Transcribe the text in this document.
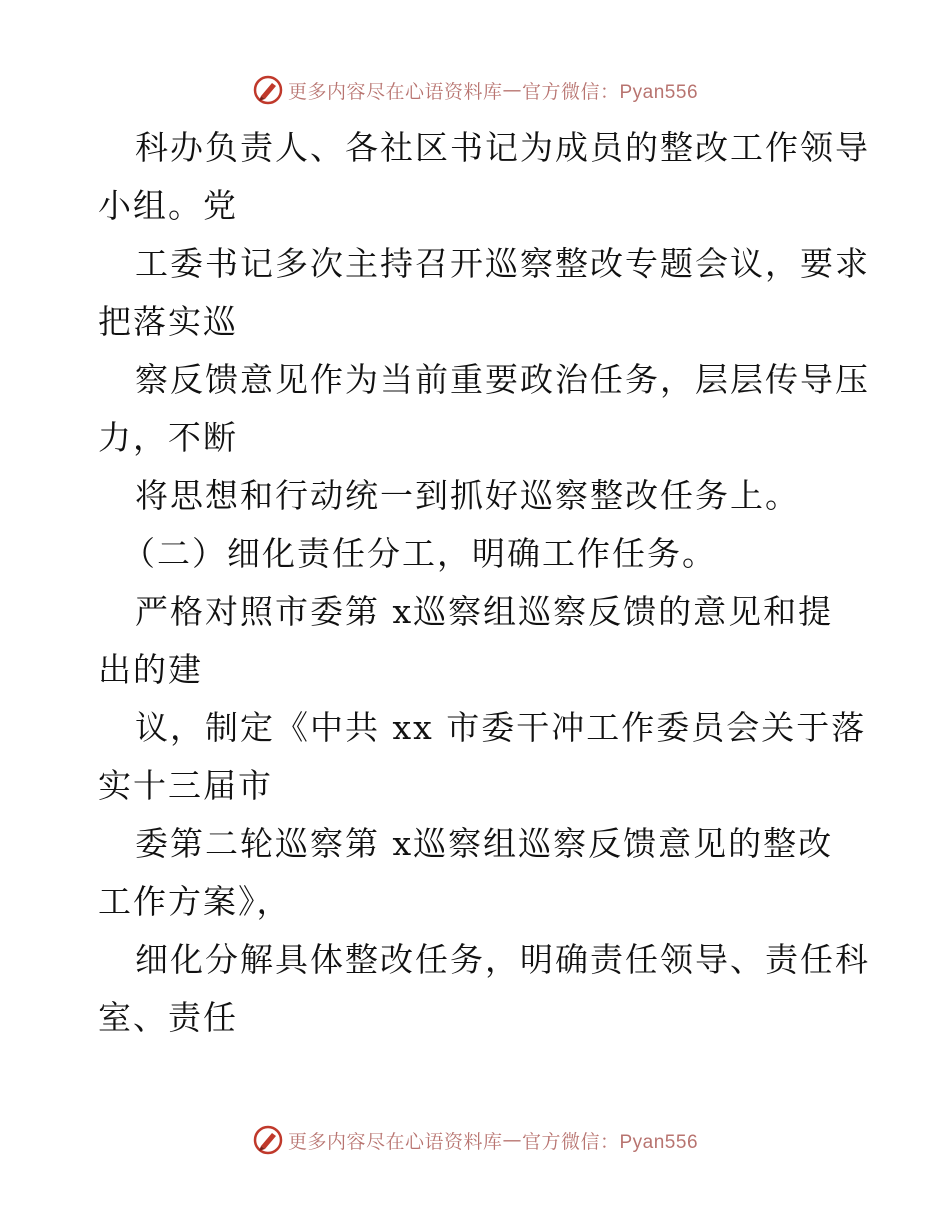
更多内容尽在心语资料库 — 官方微信：Pyan556
科办负责人、各社区书记为成员的整改工作领导
小组。党
工委书记多次主持召开巡察整改专题会议，要求
把落实巡
察反馈意见作为当前重要政治任务，层层传导压
力，不断
将思想和行动统一到抓好巡察整改任务上。
（二）细化责任分工，明确工作任务。
严格对照市委第 x巡察组巡察反馈的意见和提
出的建
议，制定《中共 xx 市委干冲工作委员会关于落
实十三届市
委第二轮巡察第 x巡察组巡察反馈意见的整改
工作方案》，
细化分解具体整改任务，明确责任领导、责任科
室、责任
更多内容尽在心语资料库 — 官方微信：Pyan556
